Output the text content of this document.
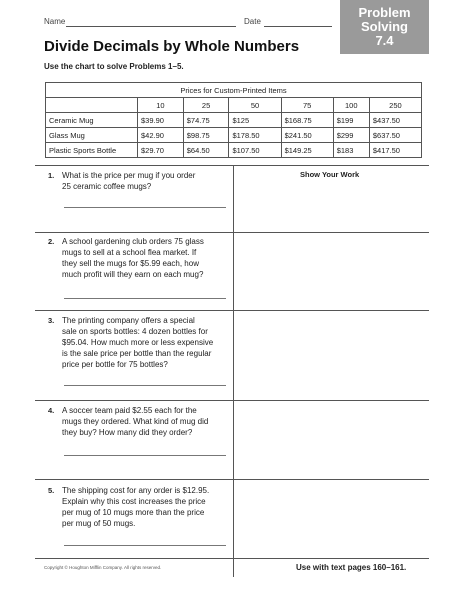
Name	Date
Problem
Solving
7.4
Divide Decimals by Whole Numbers
Use the chart to solve Problems 1–5.
Prices for Custom-Printed Items						
	10	25	50	75	100	250
Ceramic Mug	$39.90	$74.75	$125	$168.75	$199	$437.50
Glass Mug	$42.90	$98.75	$178.50	$241.50	$299	$637.50
Plastic Sports Bottle	$29.70	$64.50	$107.50	$149.25	$183	$417.50
Show Your Work
1. What is the price per mug if you order
25 ceramic coffee mugs?
2. A school gardening club orders 75 glass
mugs to sell at a school flea market. If
they sell the mugs for $5.99 each, how
much profit will they earn on each mug?
3. The printing company offers a special
sale on sports bottles: 4 dozen bottles for
$95.04. How much more or less expensive
is the sale price per bottle than the regular
price per bottle for 75 bottles?
4. A soccer team paid $2.55 each for the
mugs they ordered. What kind of mug did
they buy? How many did they order?
5. The shipping cost for any order is $12.95.
Explain why this cost increases the price
per mug of 10 mugs more than the price
per mug of 50 mugs.
Copyright © Houghton Mifflin Company. All rights reserved.	Use with text pages 160–161.
